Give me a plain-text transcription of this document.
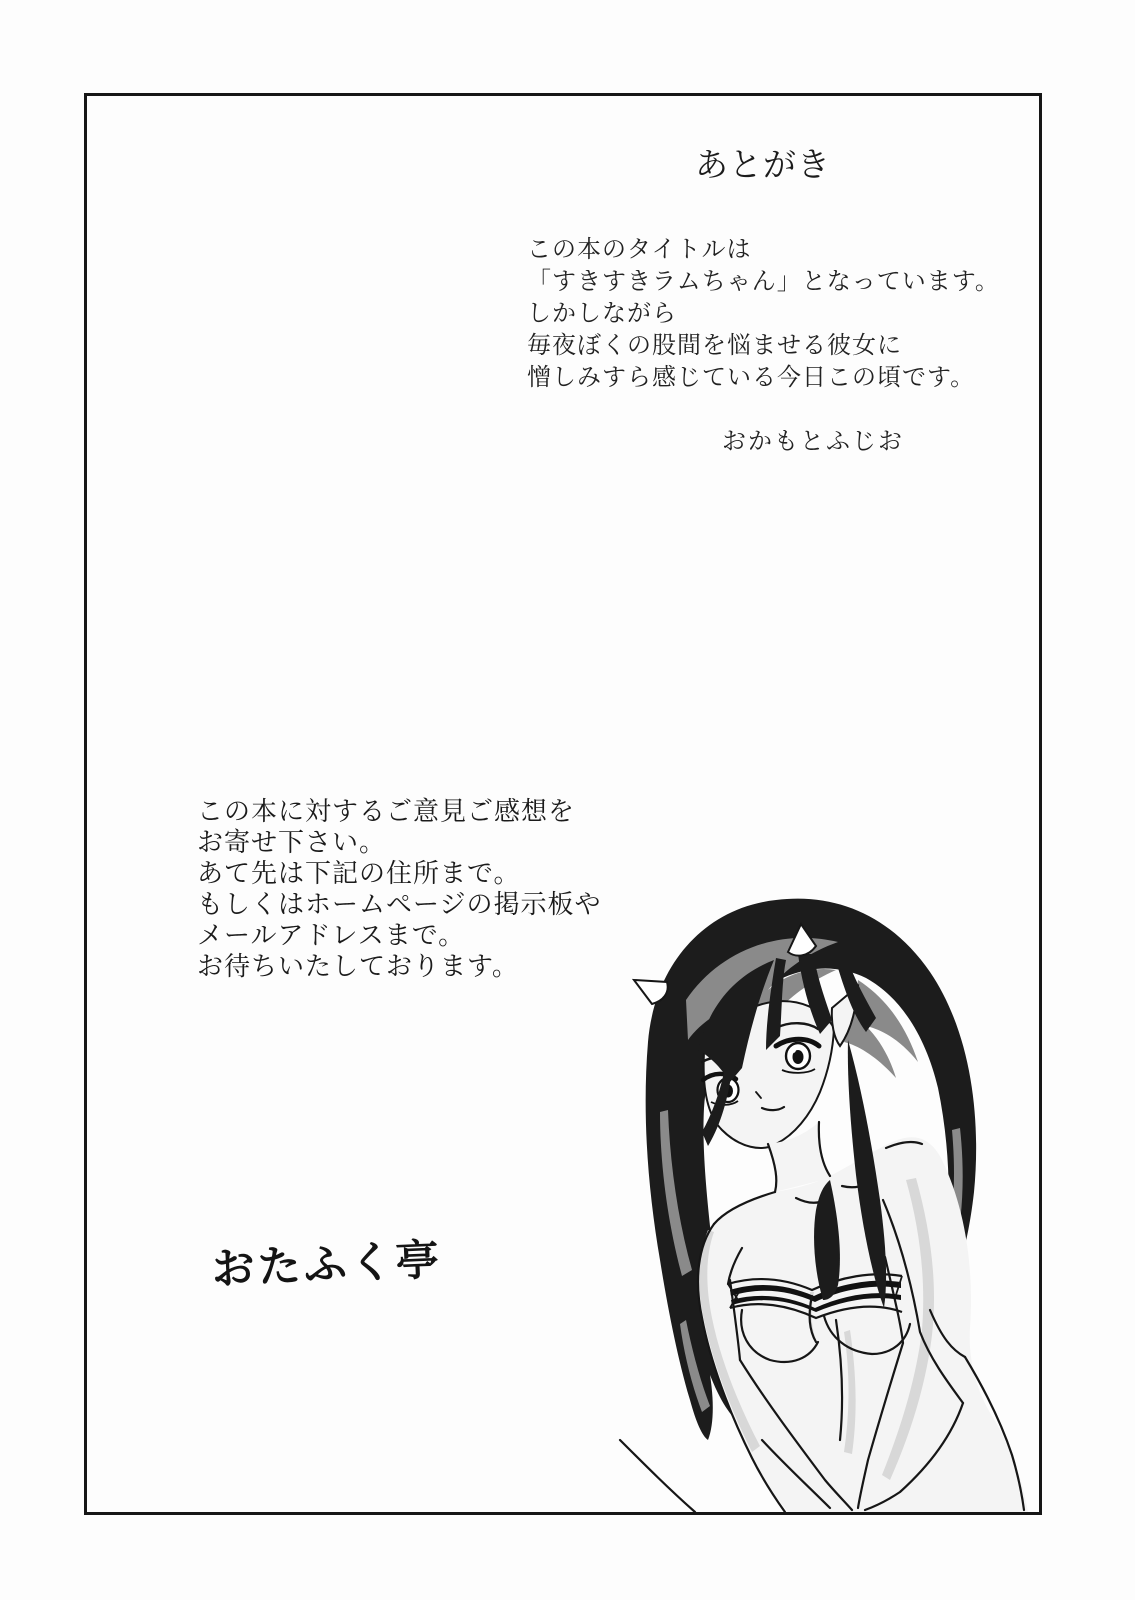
あとがき
この本のタイトルは
「すきすきラムちゃん」となっています。
しかしながら
毎夜ぼくの股間を悩ませる彼女に
憎しみすら感じている今日この頃です。
おかもとふじお
この本に対するご意見ご感想を
お寄せ下さい。
あて先は下記の住所まで。
もしくはホームページの掲示板や
メールアドレスまで。
お待ちいたしております。
おたふく亭
